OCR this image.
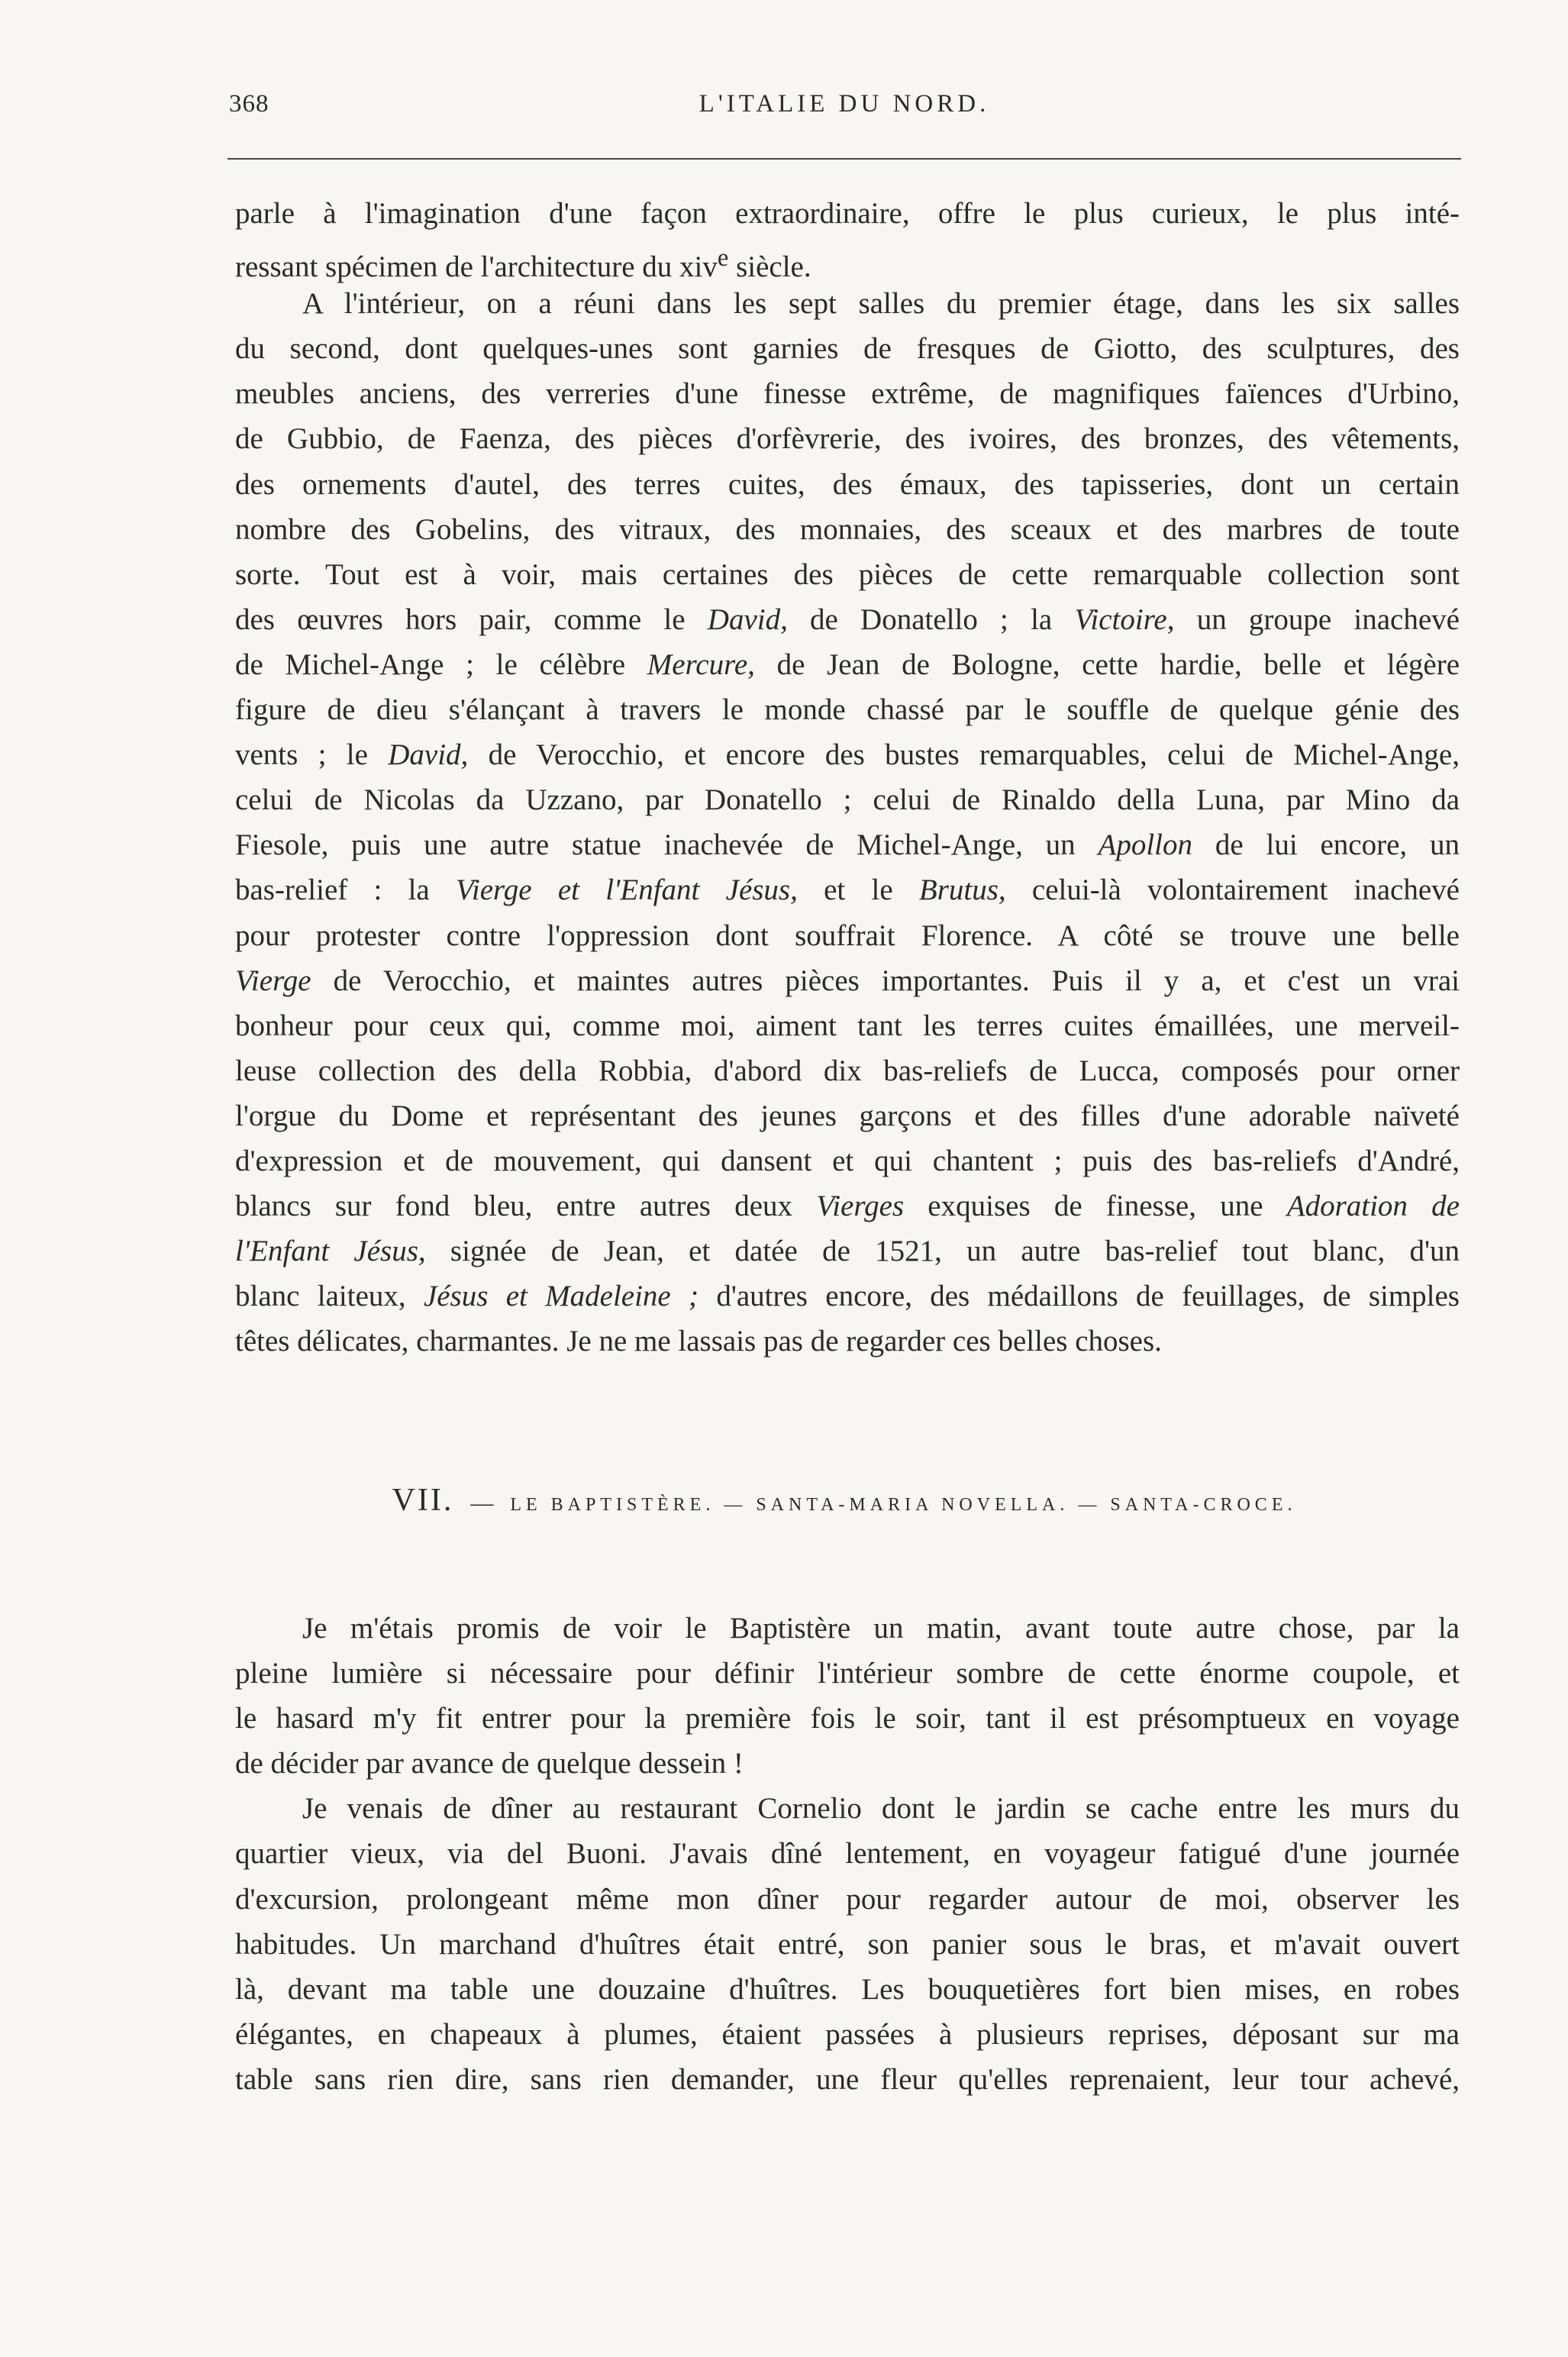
368	L'ITALIE DU NORD.
parle à l'imagination d'une façon extraordinaire, offre le plus curieux, le plus inté-
ressant spécimen de l'architecture du xiv$^e$ siècle.
A l'intérieur, on a réuni dans les sept salles du premier étage, dans les six salles
du second, dont quelques-unes sont garnies de fresques de Giotto, des sculptures, des
meubles anciens, des verreries d'une finesse extrême, de magnifiques faïences d'Urbino,
de Gubbio, de Faenza, des pièces d'orfèvrerie, des ivoires, des bronzes, des vêtements,
des ornements d'autel, des terres cuites, des émaux, des tapisseries, dont un certain
nombre des Gobelins, des vitraux, des monnaies, des sceaux et des marbres de toute
sorte. Tout est à voir, mais certaines des pièces de cette remarquable collection sont
des œuvres hors pair, comme le David, de Donatello ; la Victoire, un groupe inachevé
de Michel-Ange ; le célèbre Mercure, de Jean de Bologne, cette hardie, belle et légère
figure de dieu s'élançant à travers le monde chassé par le souffle de quelque génie des
vents ; le David, de Verocchio, et encore des bustes remarquables, celui de Michel-Ange,
celui de Nicolas da Uzzano, par Donatello ; celui de Rinaldo della Luna, par Mino da
Fiesole, puis une autre statue inachevée de Michel-Ange, un Apollon de lui encore, un
bas-relief : la Vierge et l'Enfant Jésus, et le Brutus, celui-là volontairement inachevé
pour protester contre l'oppression dont souffrait Florence. A côté se trouve une belle
Vierge de Verocchio, et maintes autres pièces importantes. Puis il y a, et c'est un vrai
bonheur pour ceux qui, comme moi, aiment tant les terres cuites émaillées, une merveil-
leuse collection des della Robbia, d'abord dix bas-reliefs de Lucca, composés pour orner
l'orgue du Dome et représentant des jeunes garçons et des filles d'une adorable naïveté
d'expression et de mouvement, qui dansent et qui chantent ; puis des bas-reliefs d'André,
blancs sur fond bleu, entre autres deux Vierges exquises de finesse, une Adoration de
l'Enfant Jésus, signée de Jean, et datée de 1521, un autre bas-relief tout blanc, d'un
blanc laiteux, Jésus et Madeleine ; d'autres encore, des médaillons de feuillages, de simples
têtes délicates, charmantes. Je ne me lassais pas de regarder ces belles choses.
VII. — LE BAPTISTÈRE. — SANTA-MARIA NOVELLA. — SANTA-CROCE.
Je m'étais promis de voir le Baptistère un matin, avant toute autre chose, par la
pleine lumière si nécessaire pour définir l'intérieur sombre de cette énorme coupole, et
le hasard m'y fit entrer pour la première fois le soir, tant il est présomptueux en voyage
de décider par avance de quelque dessein !
Je venais de dîner au restaurant Cornelio dont le jardin se cache entre les murs du
quartier vieux, via del Buoni. J'avais dîné lentement, en voyageur fatigué d'une journée
d'excursion, prolongeant même mon dîner pour regarder autour de moi, observer les
habitudes. Un marchand d'huîtres était entré, son panier sous le bras, et m'avait ouvert
là, devant ma table une douzaine d'huîtres. Les bouquetières fort bien mises, en robes
élégantes, en chapeaux à plumes, étaient passées à plusieurs reprises, déposant sur ma
table sans rien dire, sans rien demander, une fleur qu'elles reprenaient, leur tour achevé,
